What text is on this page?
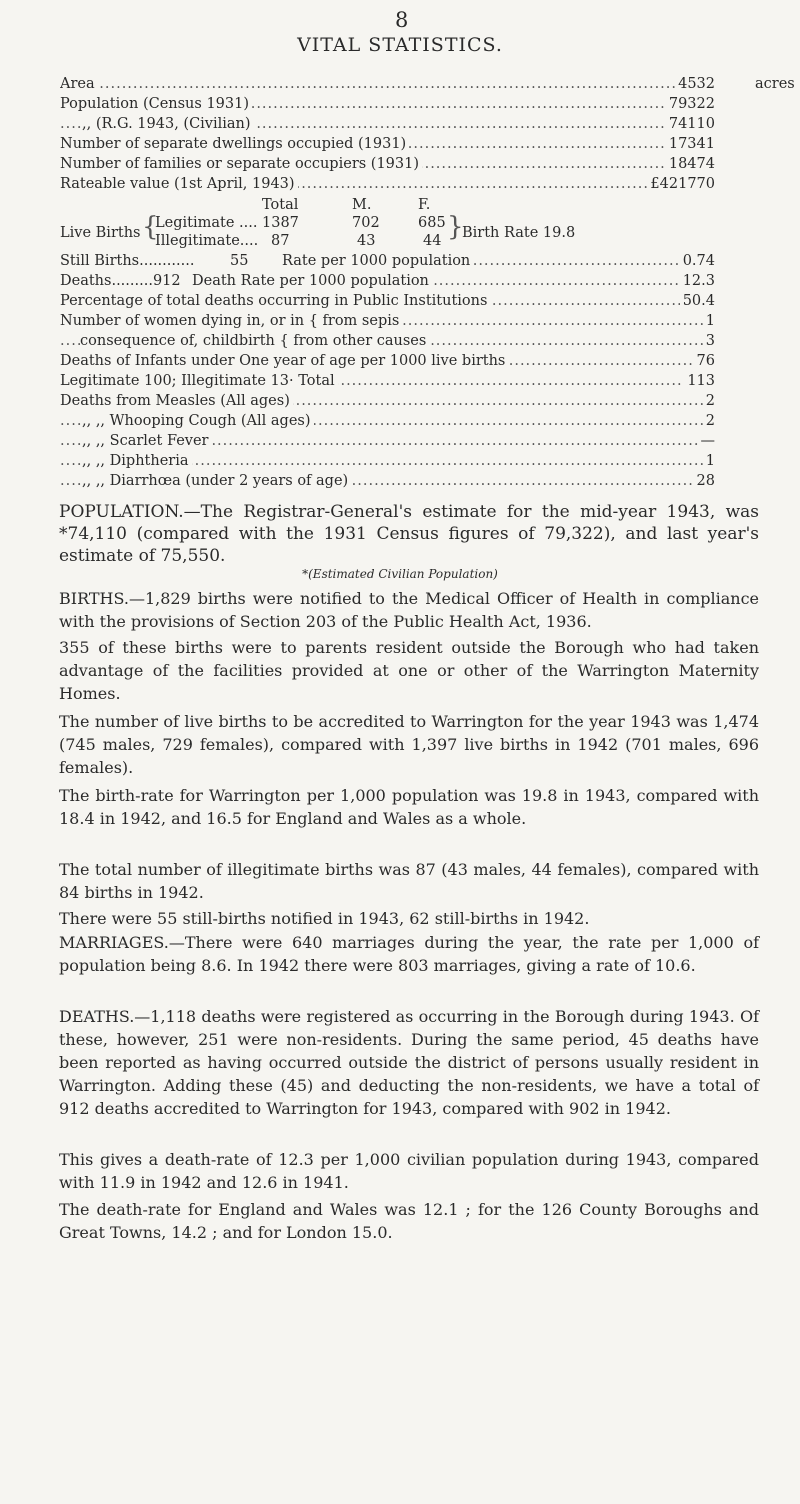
8
VITAL STATISTICS.
Area .....	4532	acres
Population (Census 1931) .....	79322
,, (R.G. 1943, (Civilian) .....	74110
Number of separate dwellings occupied (1931) .....	17341
Number of families or separate occupiers (1931) .....	18474
Rateable value (1st April, 1943) .....	£421770
Total	M.	F.
Live Births {
Legitimate .... 1387	702	685
Illegitimate.... 87	43	44 }
Birth Rate 19.8
Still Births............ 55 Rate per 1000 population .....	0.74
Deaths.........912 Death Rate per 1000 population .....	12.3
Percentage of total deaths occurring in Public Institutions .....	50.4
Number of women dying in, or in { from sepis .....	1
consequence of, childbirth { from other causes .....	3
Deaths of Infants under One year of age per 1000 live births .....	76
Legitimate 100; Illegitimate 13· Total .....	113
Deaths from Measles (All ages) .....	2
,, ,, Whooping Cough (All ages) .....	2
,, ,, Scarlet Fever .....	—
,, ,, Diphtheria .....	1
,, ,, Diarrhœa (under 2 years of age) .....	28
POPULATION.—The Registrar-General's estimate for the mid-year 1943, was *74,110 (compared with the 1931 Census figures of 79,322), and last year's estimate of 75,550.
*(Estimated Civilian Population)
BIRTHS.—1,829 births were notified to the Medical Officer of Health in compliance with the provisions of Section 203 of the Public Health Act, 1936.
355 of these births were to parents resident outside the Borough who had taken advantage of the facilities provided at one or other of the Warrington Maternity Homes.
The number of live births to be accredited to Warrington for the year 1943 was 1,474 (745 males, 729 females), compared with 1,397 live births in 1942 (701 males, 696 females).
The birth-rate for Warrington per 1,000 population was 19.8 in 1943, compared with 18.4 in 1942, and 16.5 for England and Wales as a whole.
The total number of illegitimate births was 87 (43 males, 44 females), compared with 84 births in 1942.
There were 55 still-births notified in 1943, 62 still-births in 1942.
MARRIAGES.—There were 640 marriages during the year, the rate per 1,000 of population being 8.6. In 1942 there were 803 marriages, giving a rate of 10.6.
DEATHS.—1,118 deaths were registered as occurring in the Borough during 1943. Of these, however, 251 were non-residents. During the same period, 45 deaths have been reported as having occurred outside the district of persons usually resident in Warrington. Adding these (45) and deducting the non-residents, we have a total of 912 deaths accredited to Warrington for 1943, compared with 902 in 1942.
This gives a death-rate of 12.3 per 1,000 civilian population during 1943, compared with 11.9 in 1942 and 12.6 in 1941.
The death-rate for England and Wales was 12.1 ; for the 126 County Boroughs and Great Towns, 14.2 ; and for London 15.0.
